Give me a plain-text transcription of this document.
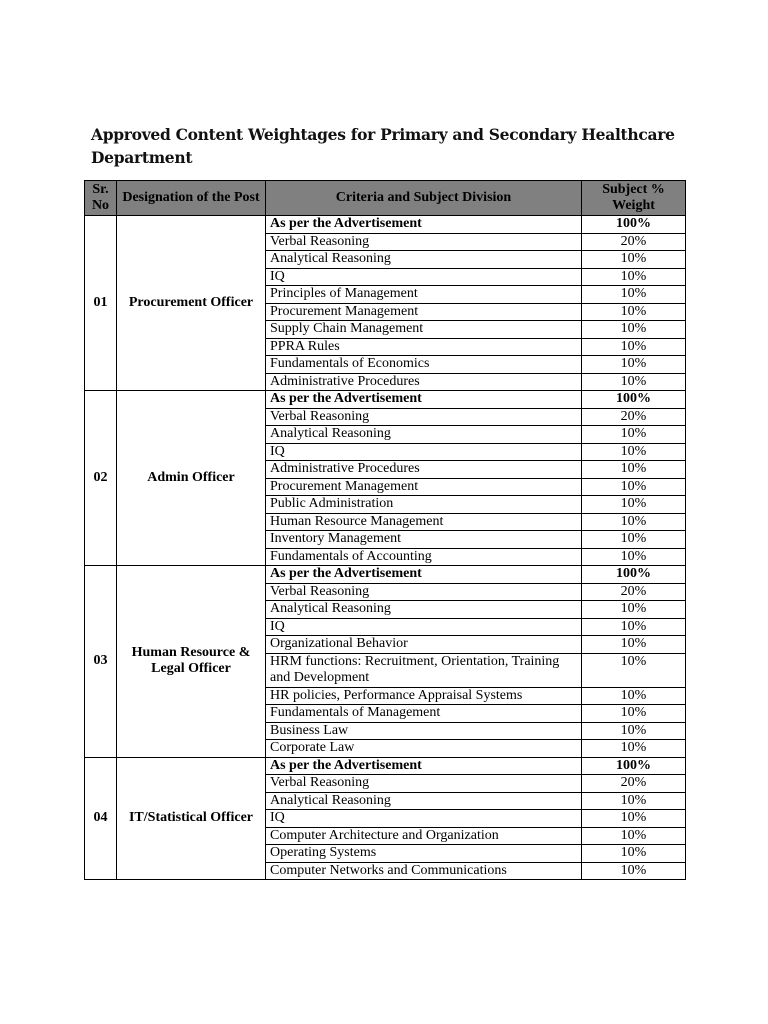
Approved Content Weightages for Primary and Secondary Healthcare Department
Sr. No	Designation of the Post	Criteria and Subject Division	Subject % Weight
01	Procurement Officer	As per the Advertisement	100%
		Verbal Reasoning	20%
		Analytical Reasoning	10%
		IQ	10%
		Principles of Management	10%
		Procurement Management	10%
		Supply Chain Management	10%
		PPRA Rules	10%
		Fundamentals of Economics	10%
		Administrative Procedures	10%
02	Admin Officer	As per the Advertisement	100%
		Verbal Reasoning	20%
		Analytical Reasoning	10%
		IQ	10%
		Administrative Procedures	10%
		Procurement Management	10%
		Public Administration	10%
		Human Resource Management	10%
		Inventory Management	10%
		Fundamentals of Accounting	10%
03	Human Resource & Legal Officer	As per the Advertisement	100%
		Verbal Reasoning	20%
		Analytical Reasoning	10%
		IQ	10%
		Organizational Behavior	10%
		HRM functions: Recruitment, Orientation, Training and Development	10%
		HR policies, Performance Appraisal Systems	10%
		Fundamentals of Management	10%
		Business Law	10%
		Corporate Law	10%
04	IT/Statistical Officer	As per the Advertisement	100%
		Verbal Reasoning	20%
		Analytical Reasoning	10%
		IQ	10%
		Computer Architecture and Organization	10%
		Operating Systems	10%
		Computer Networks and Communications	10%
